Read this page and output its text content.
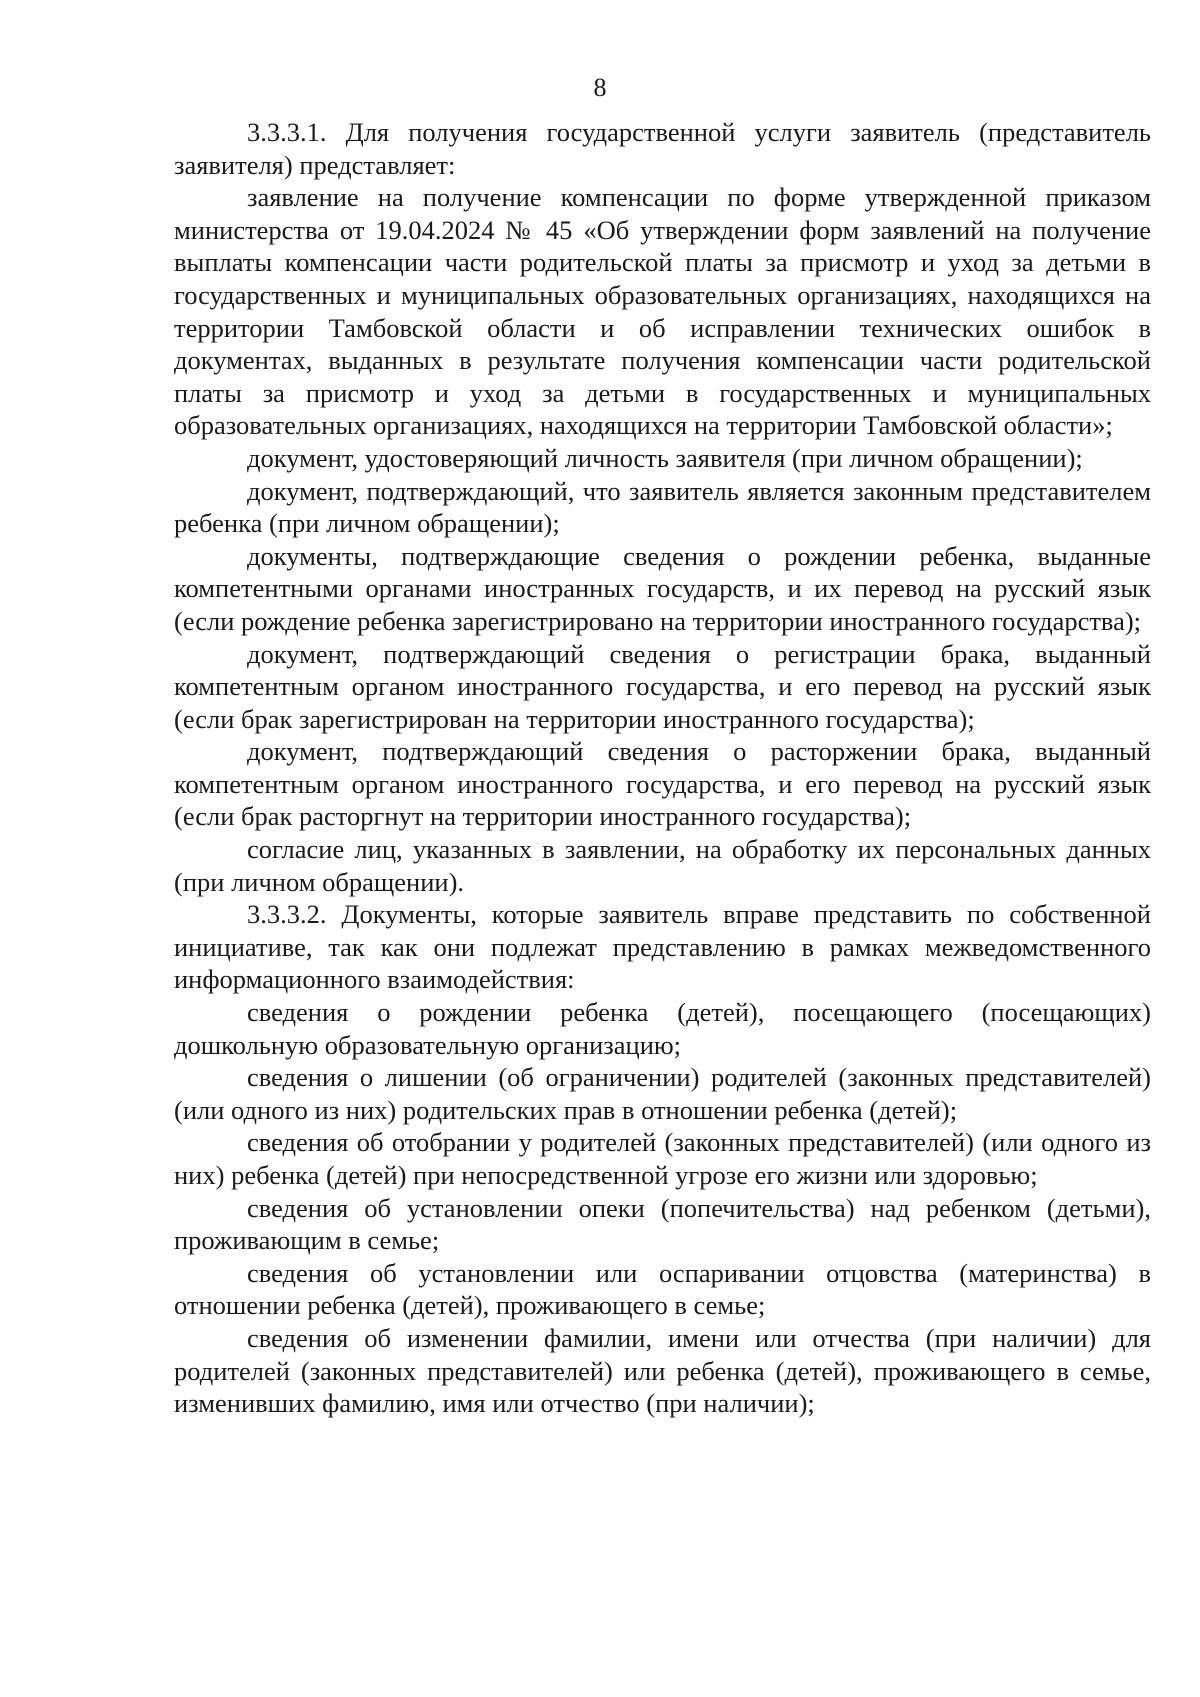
8

3.3.3.1. Для получения государственной услуги заявитель (представитель заявителя) представляет:

заявление на получение компенсации по форме утвержденной приказом министерства от 19.04.2024 № 45 «Об утверждении форм заявлений на получение выплаты компенсации части родительской платы за присмотр и уход за детьми в государственных и муниципальных образовательных организациях, находящихся на территории Тамбовской области и об исправлении технических ошибок в документах, выданных в результате получения компенсации части родительской платы за присмотр и уход за детьми в государственных и муниципальных образовательных организациях, находящихся на территории Тамбовской области»;

документ, удостоверяющий личность заявителя (при личном обращении);

документ, подтверждающий, что заявитель является законным представителем ребенка (при личном обращении);

документы, подтверждающие сведения о рождении ребенка, выданные компетентными органами иностранных государств, и их перевод на русский язык (если рождение ребенка зарегистрировано на территории иностранного государства);

документ, подтверждающий сведения о регистрации брака, выданный компетентным органом иностранного государства, и его перевод на русский язык (если брак зарегистрирован на территории иностранного государства);

документ, подтверждающий сведения о расторжении брака, выданный компетентным органом иностранного государства, и его перевод на русский язык (если брак расторгнут на территории иностранного государства);

согласие лиц, указанных в заявлении, на обработку их персональных данных (при личном обращении).

3.3.3.2. Документы, которые заявитель вправе представить по собственной инициативе, так как они подлежат представлению в рамках межведомственного информационного взаимодействия:

сведения о рождении ребенка (детей), посещающего (посещающих) дошкольную образовательную организацию;

сведения о лишении (об ограничении) родителей (законных представителей) (или одного из них) родительских прав в отношении ребенка (детей);

сведения об отобрании у родителей (законных представителей) (или одного из них) ребенка (детей) при непосредственной угрозе его жизни или здоровью;

сведения об установлении опеки (попечительства) над ребенком (детьми), проживающим в семье;

сведения об установлении или оспаривании отцовства (материнства) в отношении ребенка (детей), проживающего в семье;

сведения об изменении фамилии, имени или отчества (при наличии) для родителей (законных представителей) или ребенка (детей), проживающего в семье, изменивших фамилию, имя или отчество (при наличии);
